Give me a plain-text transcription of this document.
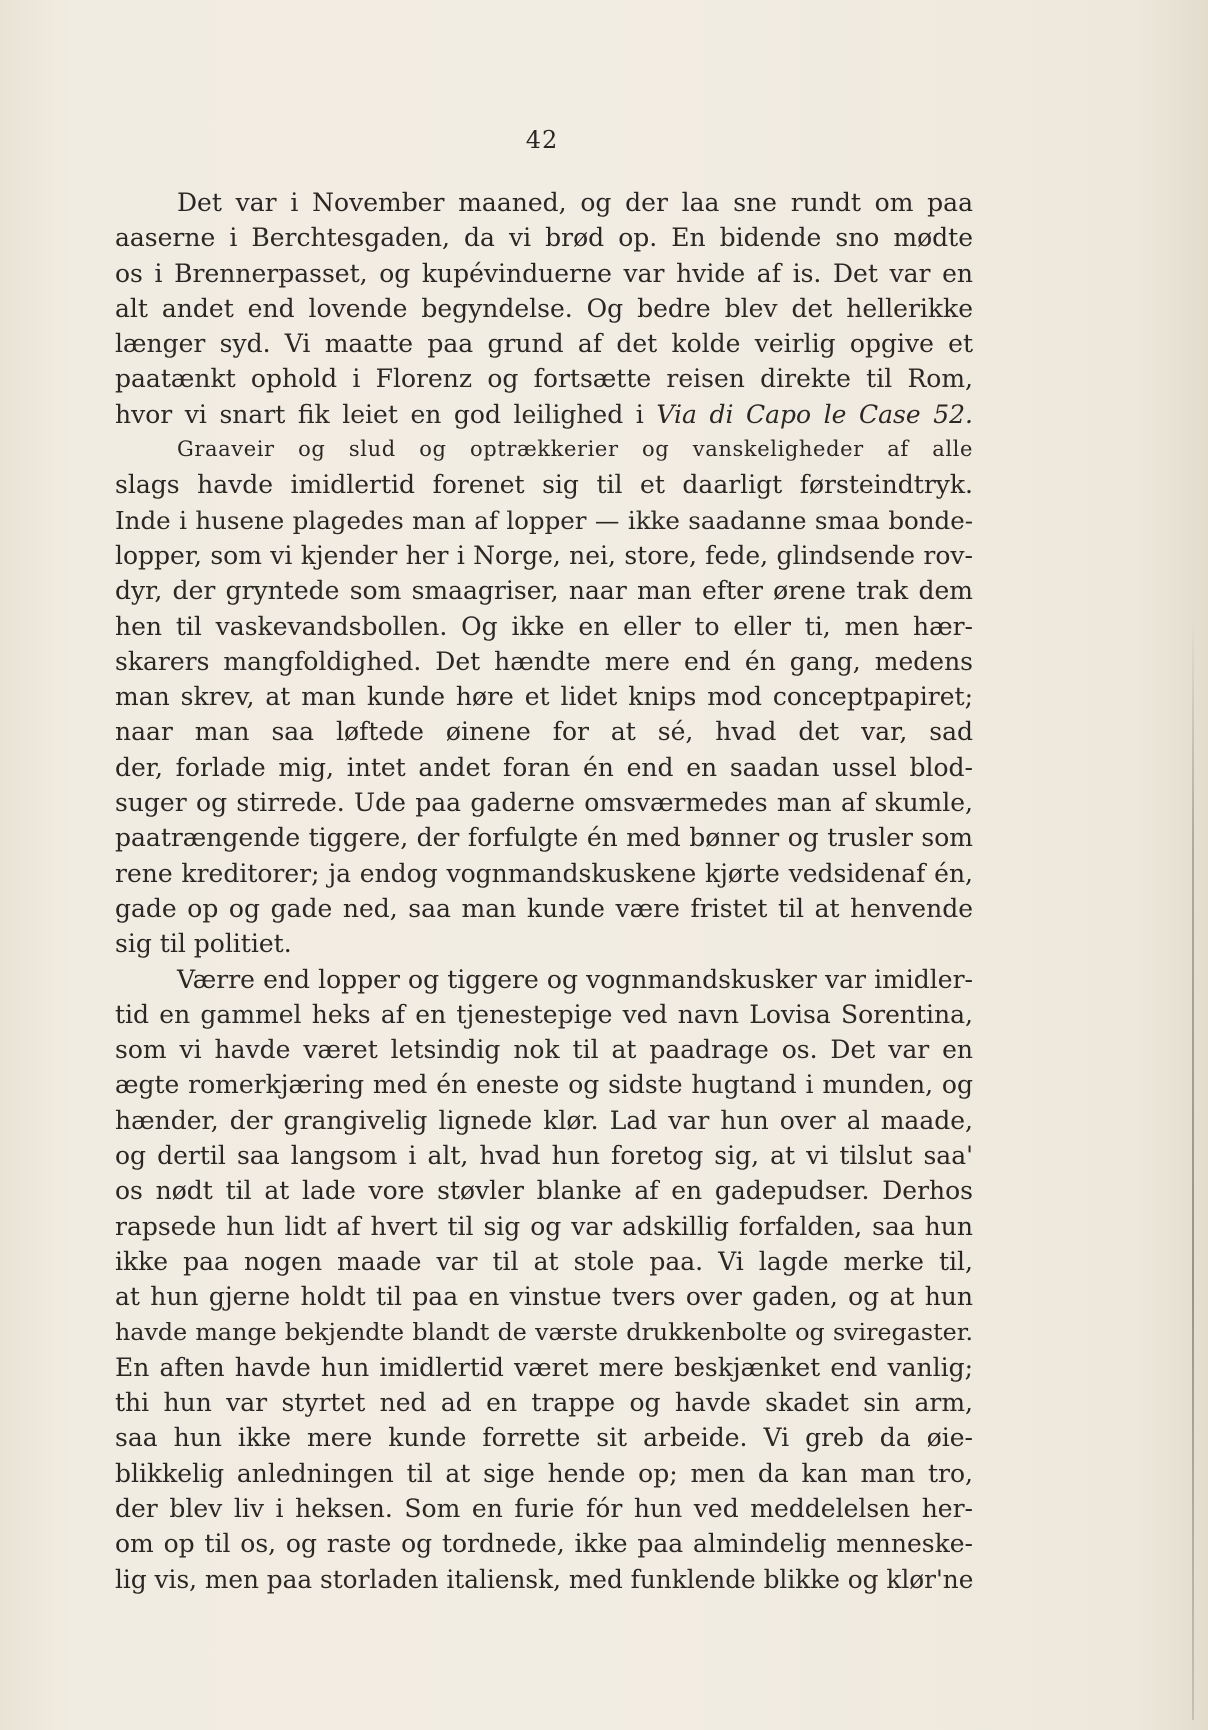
42
Det var i November maaned, og der laa sne rundt om paa
aaserne i Berchtesgaden, da vi brød op. En bidende sno mødte
os i Brennerpasset, og kupévinduerne var hvide af is. Det var en
alt andet end lovende begyndelse. Og bedre blev det hellerikke
længer syd. Vi maatte paa grund af det kolde veirlig opgive et
paatænkt ophold i Florenz og fortsætte reisen direkte til Rom,
hvor vi snart fik leiet en god leilighed i Via di Capo le Case 52.
Graaveir og slud og optrækkerier og vanskeligheder af alle
slags havde imidlertid forenet sig til et daarligt førsteindtryk.
Inde i husene plagedes man af lopper — ikke saadanne smaa bonde-
lopper, som vi kjender her i Norge, nei, store, fede, glindsende rov-
dyr, der gryntede som smaagriser, naar man efter ørene trak dem
hen til vaskevandsbollen. Og ikke en eller to eller ti, men hær-
skarers mangfoldighed. Det hændte mere end én gang, medens
man skrev, at man kunde høre et lidet knips mod conceptpapiret;
naar man saa løftede øinene for at sé, hvad det var, sad
der, forlade mig, intet andet foran én end en saadan ussel blod-
suger og stirrede. Ude paa gaderne omsværmedes man af skumle,
paatrængende tiggere, der forfulgte én med bønner og trusler som
rene kreditorer; ja endog vognmandskuskene kjørte vedsidenaf én,
gade op og gade ned, saa man kunde være fristet til at henvende
sig til politiet.
Værre end lopper og tiggere og vognmandskusker var imidler-
tid en gammel heks af en tjenestepige ved navn Lovisa Sorentina,
som vi havde været letsindig nok til at paadrage os. Det var en
ægte romerkjæring med én eneste og sidste hugtand i munden, og
hænder, der grangivelig lignede klør. Lad var hun over al maade,
og dertil saa langsom i alt, hvad hun foretog sig, at vi tilslut saa'
os nødt til at lade vore støvler blanke af en gadepudser. Derhos
rapsede hun lidt af hvert til sig og var adskillig forfalden, saa hun
ikke paa nogen maade var til at stole paa. Vi lagde merke til,
at hun gjerne holdt til paa en vinstue tvers over gaden, og at hun
havde mange bekjendte blandt de værste drukkenbolte og sviregaster.
En aften havde hun imidlertid været mere beskjænket end vanlig;
thi hun var styrtet ned ad en trappe og havde skadet sin arm,
saa hun ikke mere kunde forrette sit arbeide. Vi greb da øie-
blikkelig anledningen til at sige hende op; men da kan man tro,
der blev liv i heksen. Som en furie fór hun ved meddelelsen her-
om op til os, og raste og tordnede, ikke paa almindelig menneske-
lig vis, men paa storladen italiensk, med funklende blikke og klør'ne
